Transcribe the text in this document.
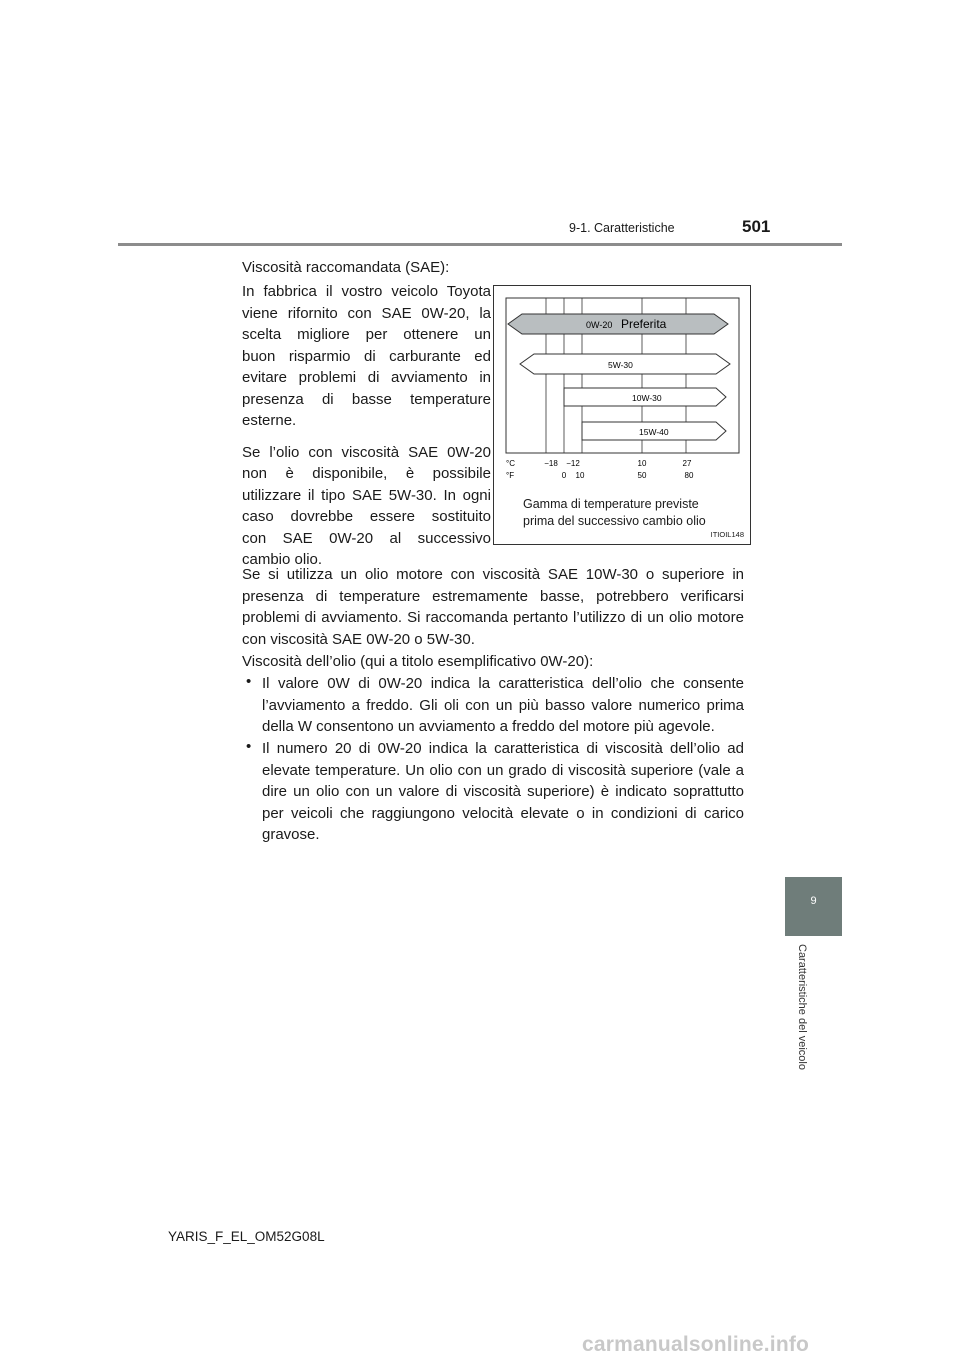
9-1. Caratteristiche	501

Viscosità raccomandata (SAE):

In fabbrica il vostro veicolo Toyota
viene rifornito con SAE 0W-20, la
scelta migliore per ottenere un
buon risparmio di carburante ed
evitare problemi di avviamento in
presenza di basse temperature
esterne.
Se l’olio con viscosità SAE 0W-20
non è disponibile, è possibile
utilizzare il tipo SAE 5W-30. In ogni
caso dovrebbe essere sostituito
con SAE 0W-20 al successivo
cambio olio.
0W-20 Preferita
5W-30
10W-30
15W-40
°C
°F
−18 −12	10	27
0 10	50	80
Gamma di temperature previste
prima del successivo cambio olio
ITIOIL148
Se si utilizza un olio motore con viscosità SAE 10W-30 o superiore in
presenza di temperature estremamente basse, potrebbero verificarsi
problemi di avviamento. Si raccomanda pertanto l’utilizzo di un olio motore
con viscosità SAE 0W-20 o 5W-30.
Viscosità dell’olio (qui a titolo esemplificativo 0W-20):
• Il valore 0W di 0W-20 indica la caratteristica dell’olio che consente
l’avviamento a freddo. Gli oli con un più basso valore numerico prima
della W consentono un avviamento a freddo del motore più agevole.
• Il numero 20 di 0W-20 indica la caratteristica di viscosità dell’olio ad
elevate temperature. Un olio con un grado di viscosità superiore (vale a
dire un olio con un valore di viscosità superiore) è indicato soprattutto
per veicoli che raggiungono velocità elevate o in condizioni di carico
gravose.
9
Caratteristiche del veicolo
YARIS_F_EL_OM52G08L
carmanualsonline.info
